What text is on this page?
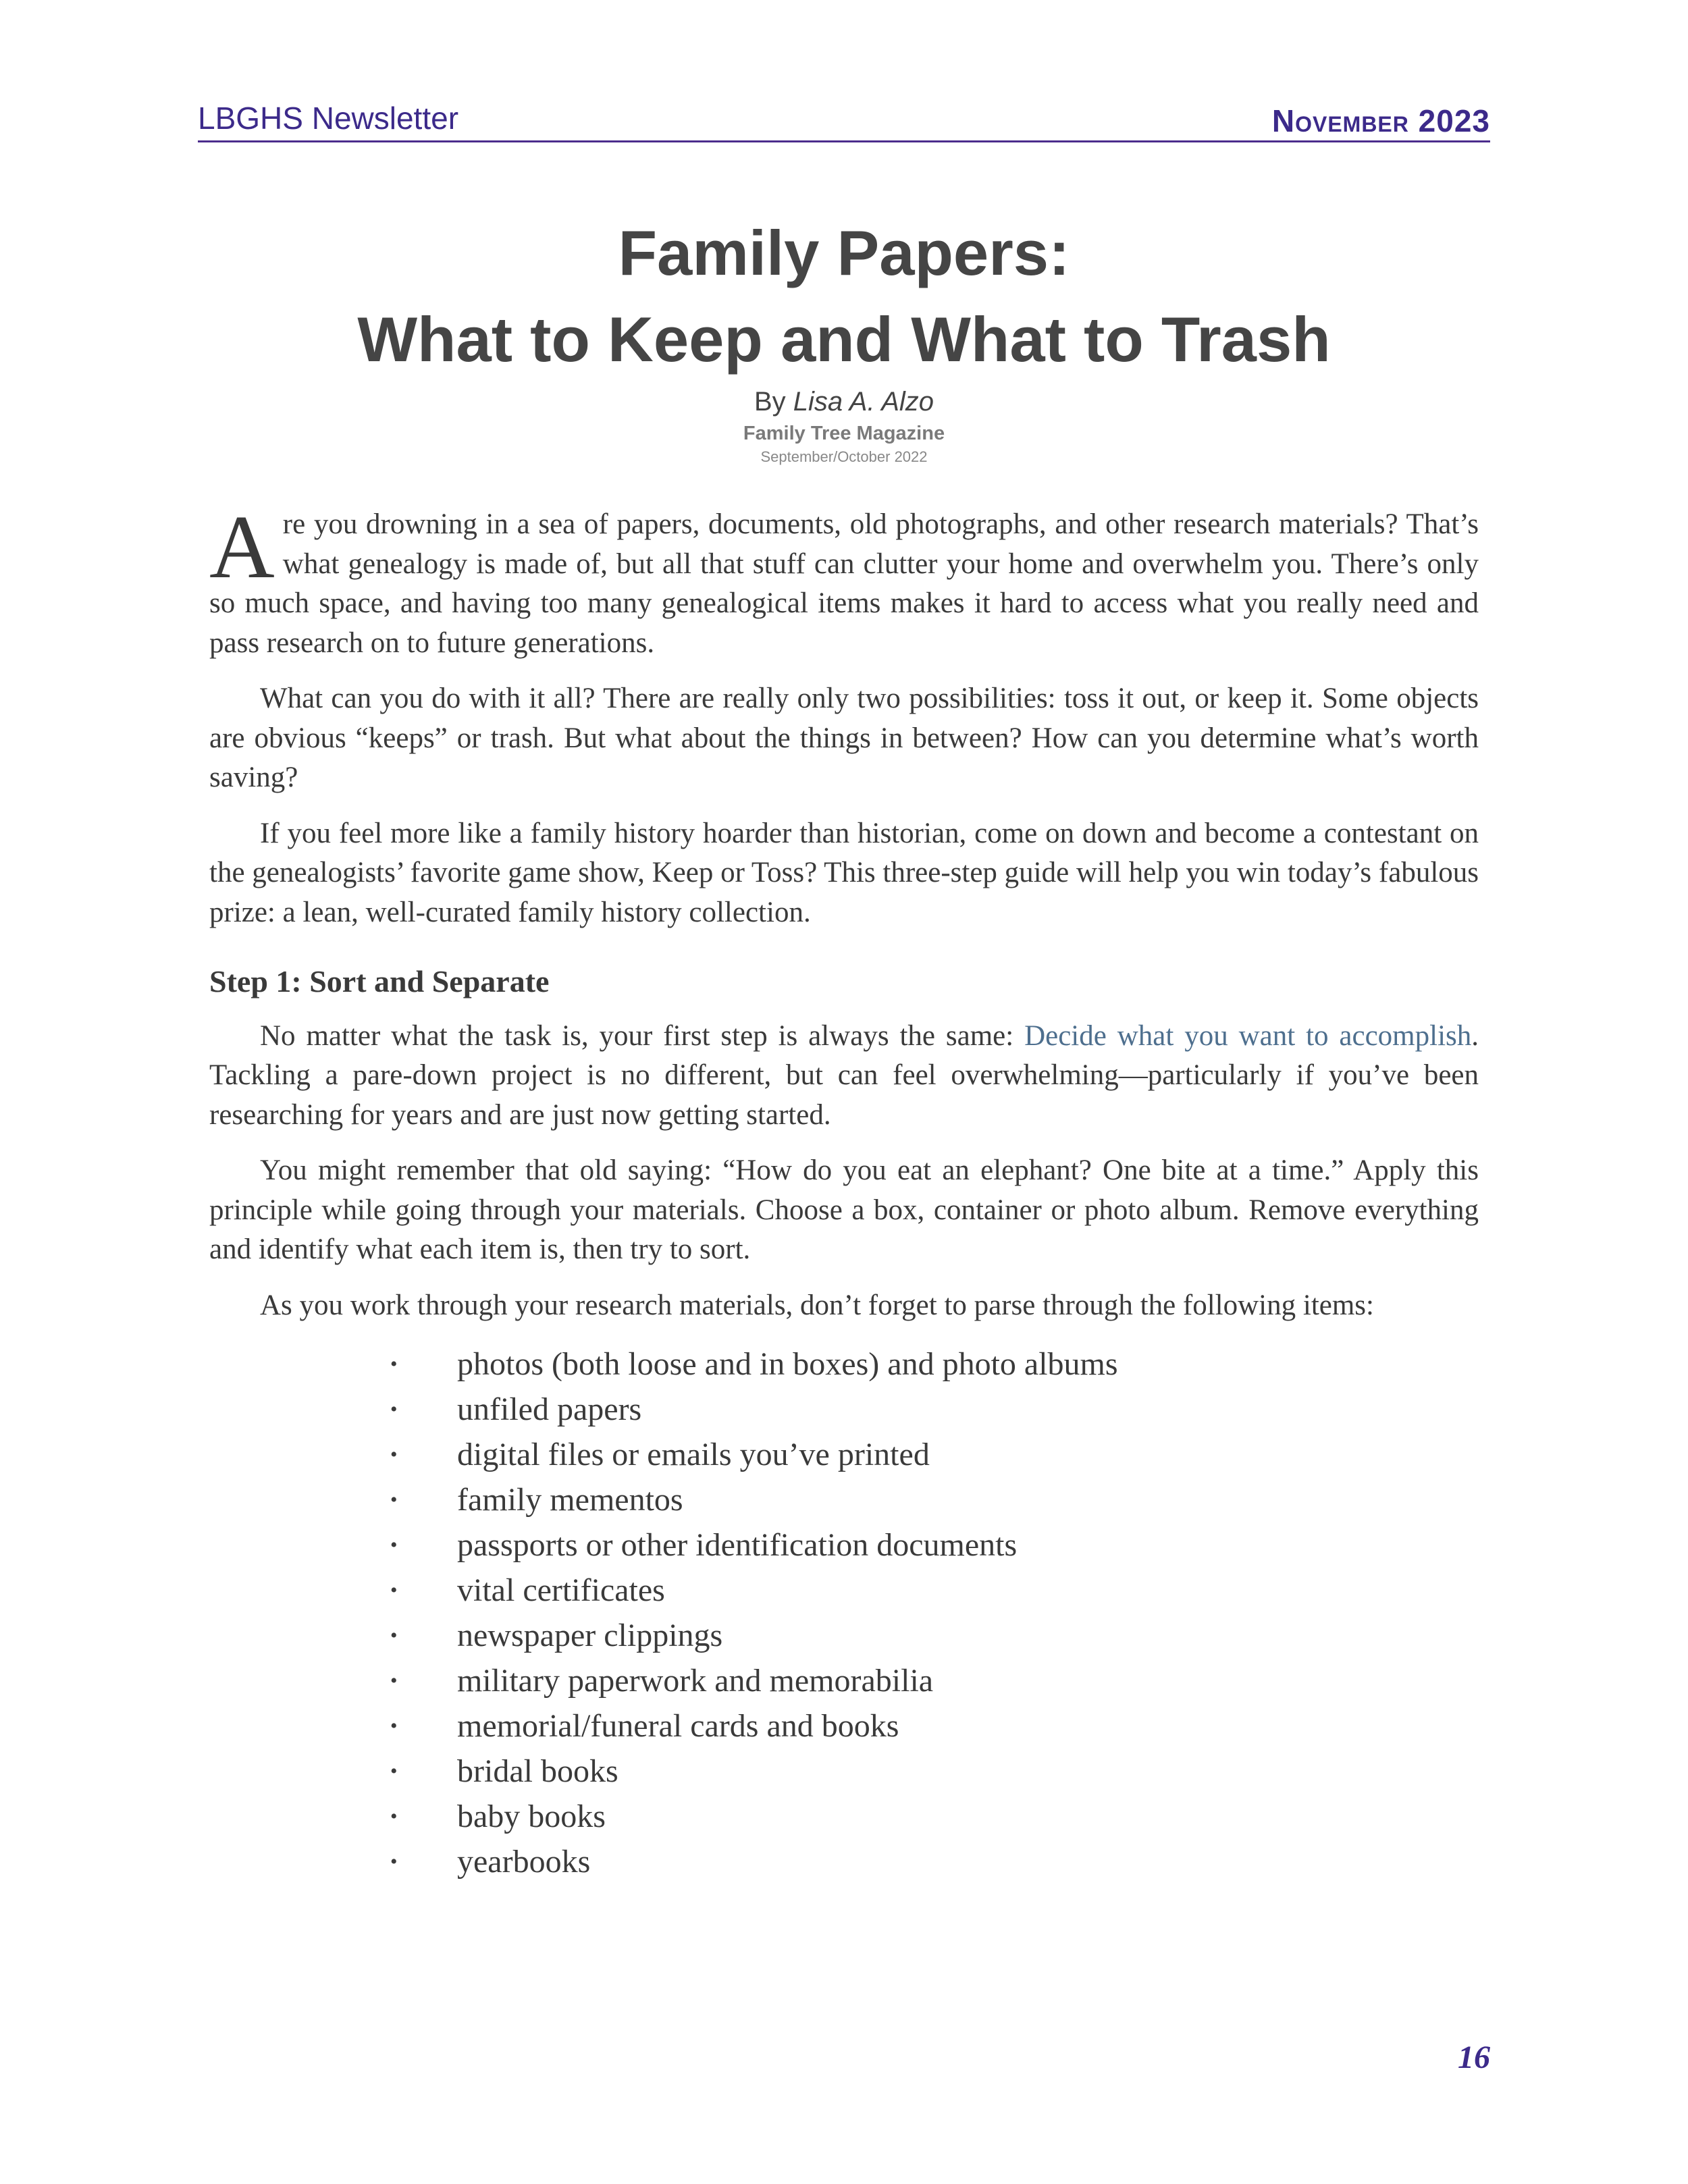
LBGHS Newsletter	November 2023
Family Papers:
What to Keep and What to Trash
By Lisa A. Alzo
Family Tree Magazine
September/October 2022

Are you drowning in a sea of papers, documents, old photographs, and other research materials? That’s what genealogy is made of, but all that stuff can clutter your home and overwhelm you. There’s only so much space, and having too many genealogical items makes it hard to access what you really need and pass research on to future generations.

What can you do with it all? There are really only two possibilities: toss it out, or keep it. Some objects are obvious “keeps” or trash. But what about the things in between? How can you determine what’s worth saving?

If you feel more like a family history hoarder than historian, come on down and become a contestant on the genealogists’ favorite game show, Keep or Toss? This three-step guide will help you win today’s fabulous prize: a lean, well-curated family history collection.

Step 1: Sort and Separate

No matter what the task is, your first step is always the same: Decide what you want to accomplish. Tackling a pare-down project is no different, but can feel overwhelming—particularly if you’ve been researching for years and are just now getting started.

You might remember that old saying: “How do you eat an elephant? One bite at a time.” Apply this principle while going through your materials. Choose a box, container or photo album. Remove everything and identify what each item is, then try to sort.

As you work through your research materials, don’t forget to parse through the following items:

• photos (both loose and in boxes) and photo albums
• unfiled papers
• digital files or emails you’ve printed
• family mementos
• passports or other identification documents
• vital certificates
• newspaper clippings
• military paperwork and memorabilia
• memorial/funeral cards and books
• bridal books
• baby books
• yearbooks
16
